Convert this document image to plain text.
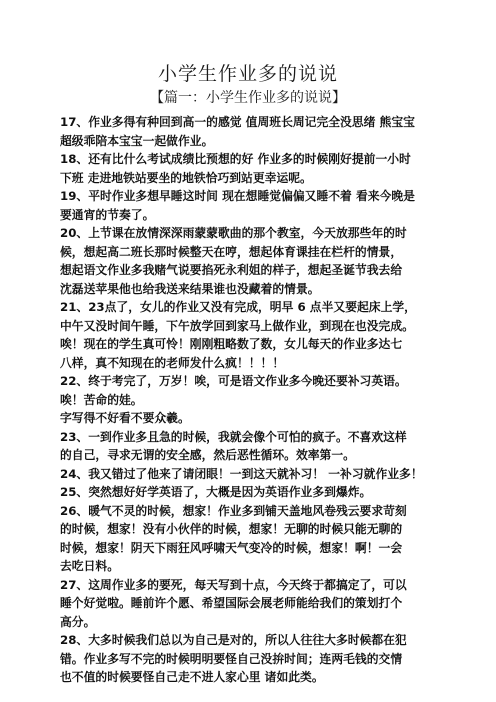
小学生作业多的说说
【篇一：小学生作业多的说说】
17、作业多得有种回到高一的感觉 值周班长周记完全没思绪 熊宝宝
超级乖陪本宝宝一起做作业。
18、还有比什么考试成绩比预想的好 作业多的时候刚好提前一小时
下班 走进地铁站要坐的地铁恰巧到站更幸运呢。
19、平时作业多想早睡这时间 现在想睡觉偏偏又睡不着 看来今晚是
要通宵的节奏了。
20、上节课在放情深深雨蒙蒙歌曲的那个教室，今天放那些年的时
候，想起高二班长那时候整天在哼，想起体育课挂在栏杆的情景，
想起语文作业多我赌气说要掐死永利姐的样子，想起圣诞节我去给
沈磊送苹果他也给我送来结果谁也没藏着的情景。
21、23点了，女儿的作业又没有完成，明早 6 点半又要起床上学，
中午又没时间午睡，下午放学回到家马上做作业，到现在也没完成。
唉！现在的学生真可怜！刚刚粗略数了数，女儿每天的作业多达七
八样，真不知现在的老师发什么疯！！！！
22、终于考完了，万岁！唉，可是语文作业多今晚还要补习英语。
唉！苦命的娃。
字写得不好看不要众羲。
23、一到作业多且急的时候，我就会像个可怕的疯子。不喜欢这样
的自己，寻求无谓的安全感，然后恶性循环。效率第一。
24、我又错过了他来了请闭眼！一到这天就补习！ 一补习就作业多！
25、突然想好好学英语了，大概是因为英语作业多到爆炸。
26、暖气不灵的时候，想家！作业多到铺天盖地风卷残云要求苛刻
的时候，想家！没有小伙伴的时候，想家！无聊的时候只能无聊的
时候，想家！阴天下雨狂风呼啸天气变冷的时候，想家！啊！一会
去吃日料。
27、这周作业多的要死，每天写到十点，今天终于都搞定了，可以
睡个好觉啦。睡前许个愿、希望国际会展老师能给我们的策划打个
高分。
28、大多时候我们总以为自己是对的，所以人往往大多时候都在犯
错。作业多写不完的时候明明要怪自己没拚时间；连两毛钱的交情
也不值的时候要怪自己走不进人家心里 诸如此类。
